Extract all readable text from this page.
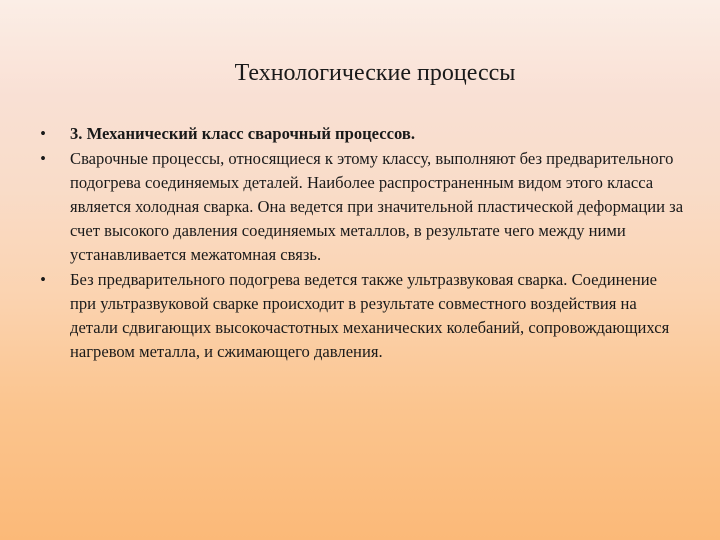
Технологические процессы
• 3. Механический класс сварочный процессов.
• Сварочные процессы, относящиеся к этому классу, выполняют без предварительного подогрева соединяемых деталей. Наиболее распространенным видом этого класса является холодная сварка. Она ведется при значительной пластической деформации за счет высокого давления соединяемых металлов, в результате чего между ними устанавливается межатомная связь.
• Без предварительного подогрева ведется также ультразвуковая сварка. Соединение при ультразвуковой сварке происходит в результате совместного воздействия на детали сдвигающих высокочастотных механических колебаний, сопровождающихся нагревом металла, и сжимающего давления.
